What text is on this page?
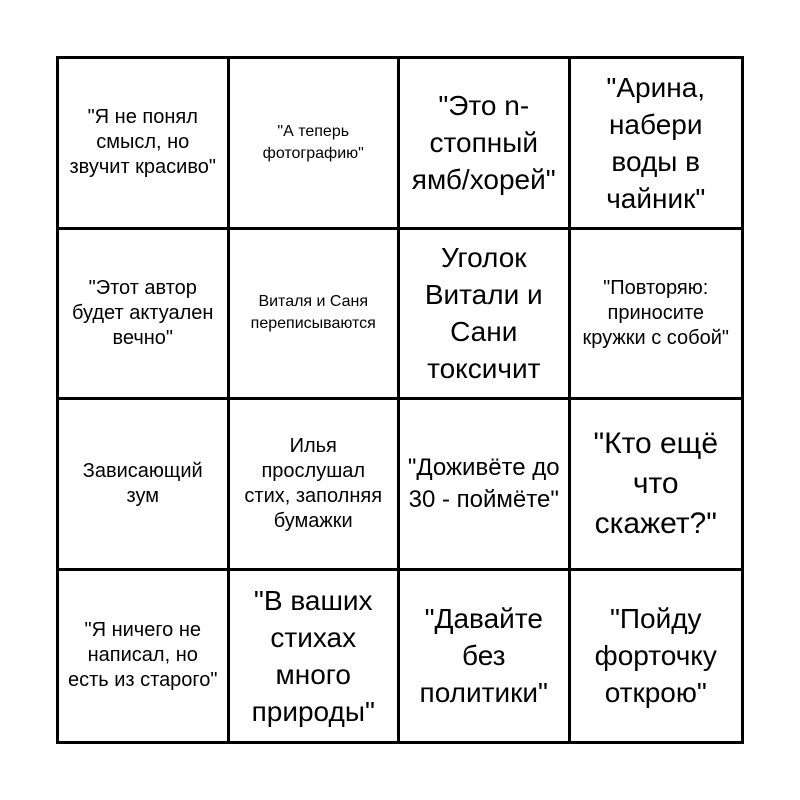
"Я не понял смысл, но звучит красиво"
"А теперь фотографию"
"Это n-стопный ямб/хорей"
"Арина, набери воды в чайник"
"Этот автор будет актуален вечно"
Виталя и Саня переписываются
Уголок Витали и Сани токсичит
"Повторяю: приносите кружки с собой"
Зависающий зум
Илья прослушал стих, заполняя бумажки
"Доживёте до 30 - поймёте"
"Кто ещё что скажет?"
"Я ничего не написал, но есть из старого"
"В ваших стихах много природы"
"Давайте без политики"
"Пойду форточку открою"
